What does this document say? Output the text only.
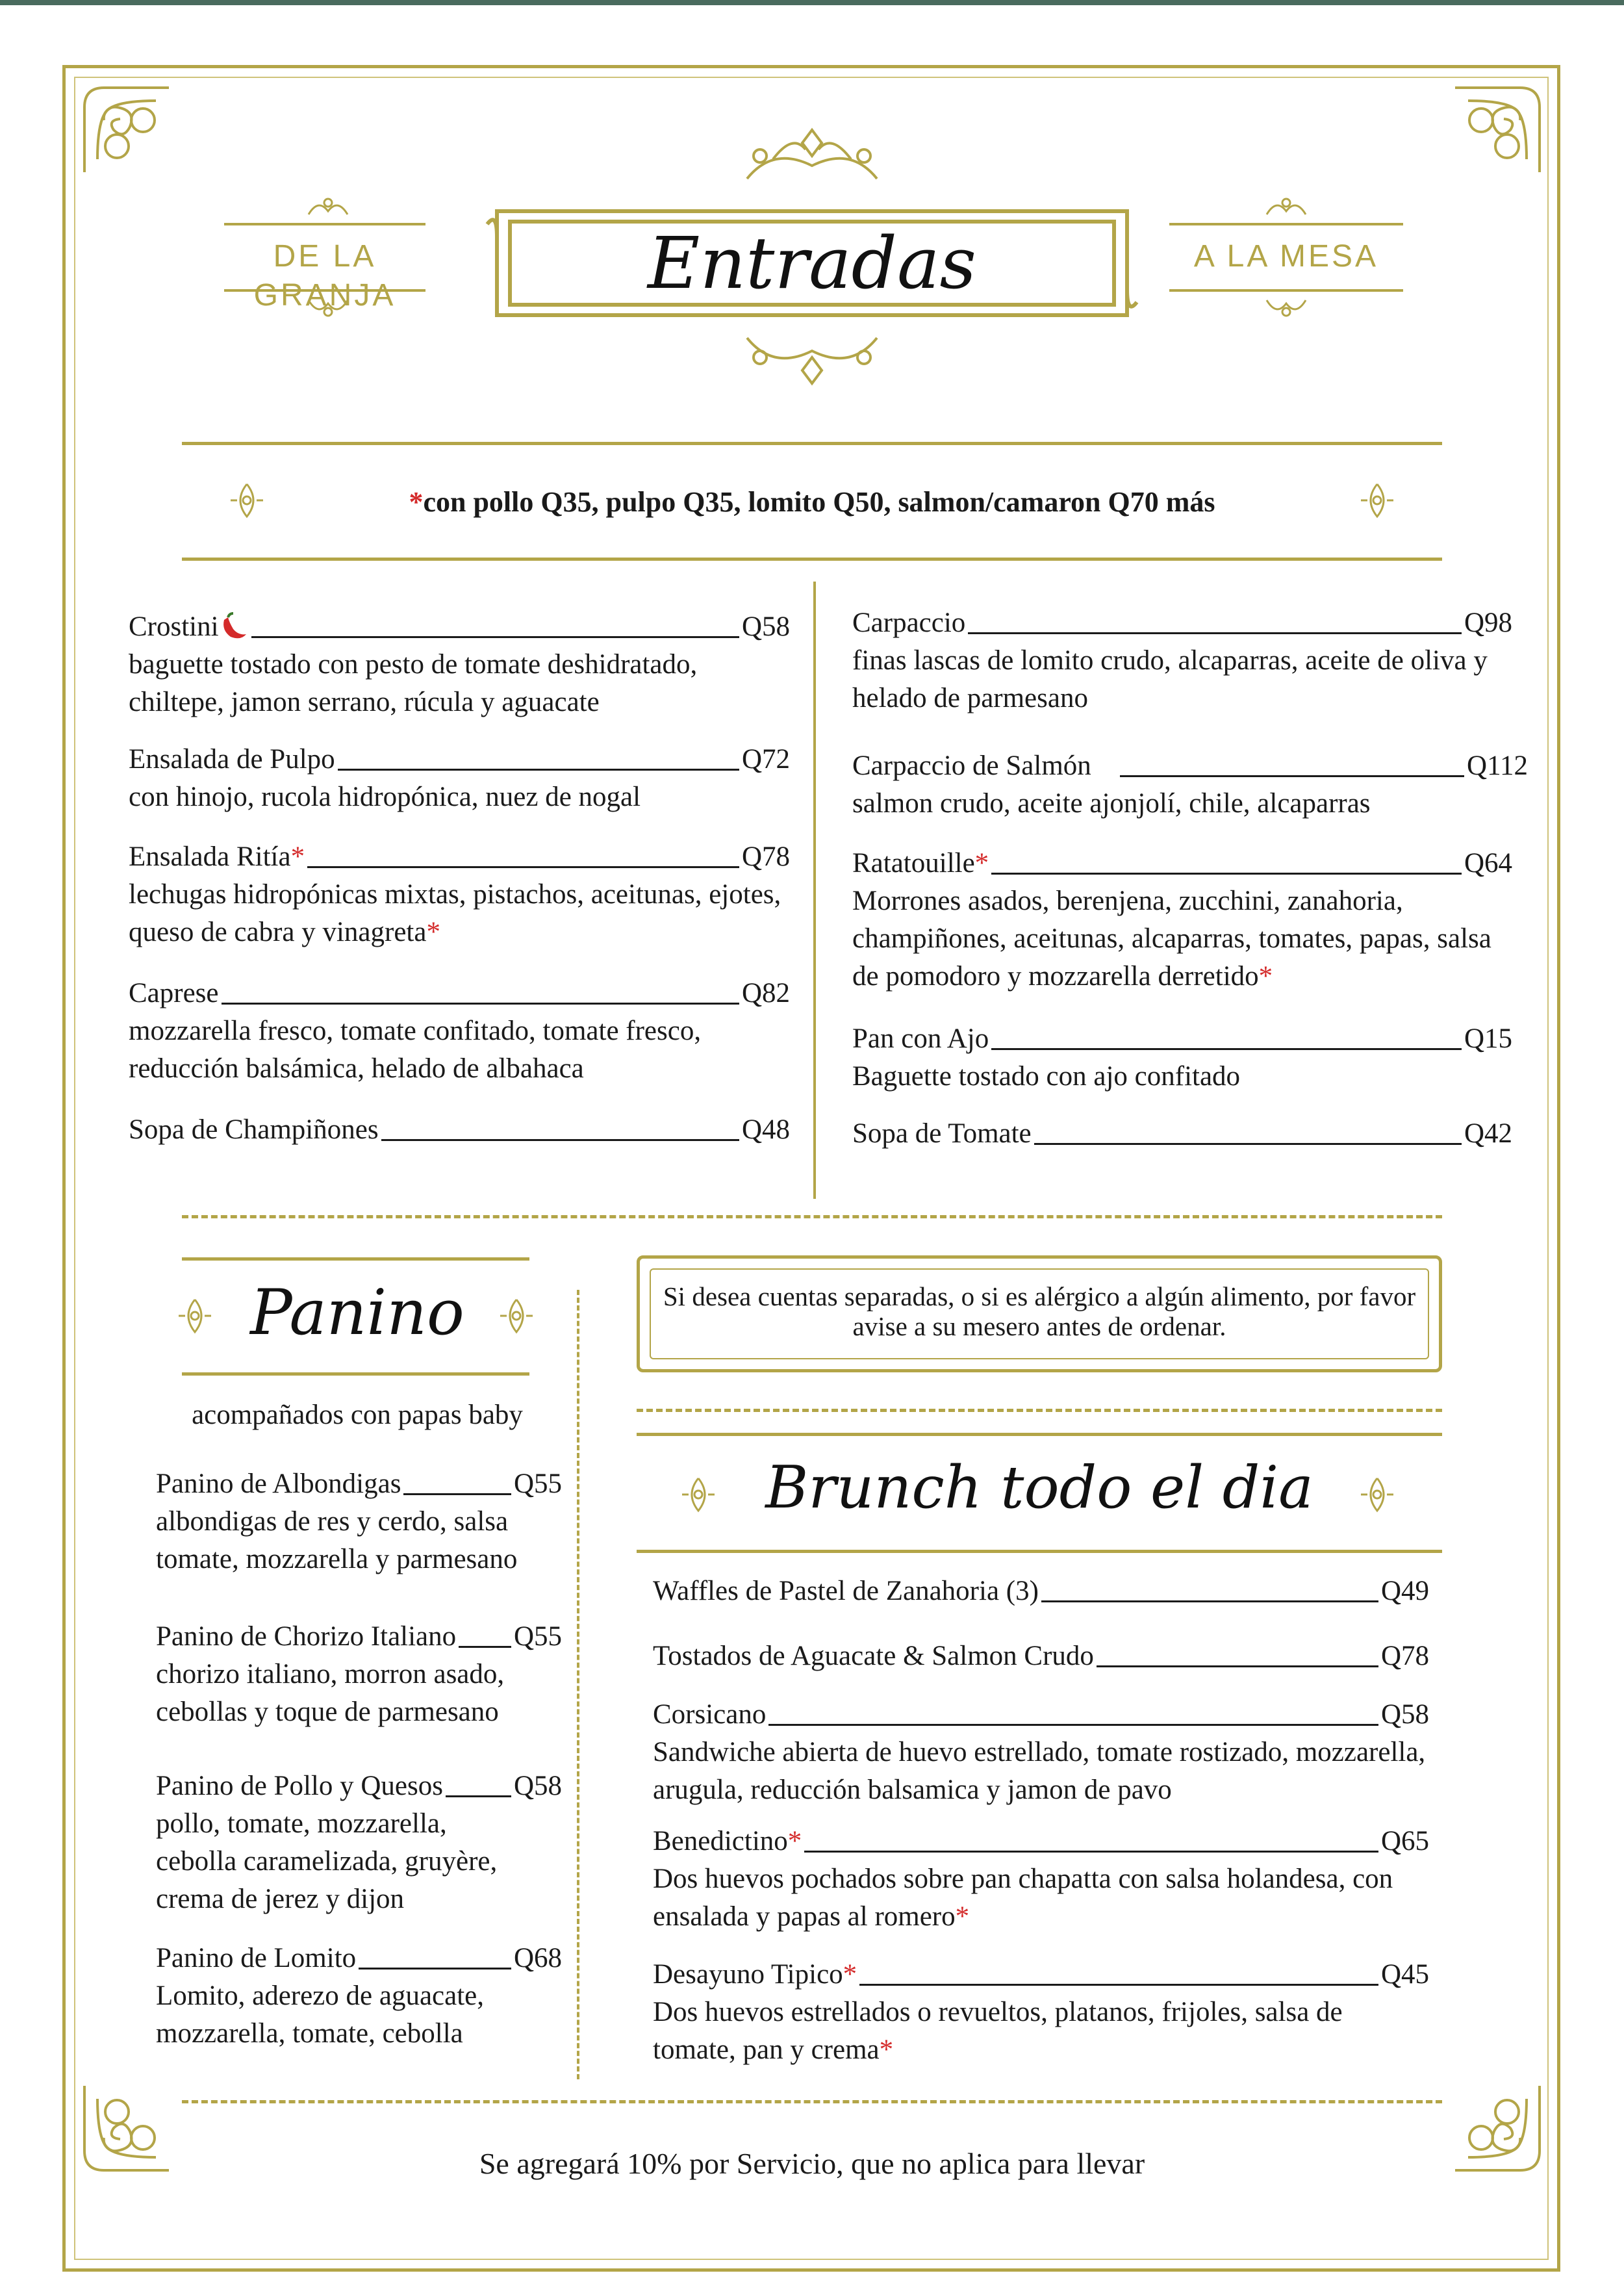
Entradas
DE LA GRANJA
A LA MESA
*con pollo Q35, pulpo Q35, lomito Q50, salmon/camaron Q70 más
Crostini	Q58
baguette tostado con pesto de tomate deshidratado, chiltepe, jamon serrano, rúcula y aguacate
Ensalada de Pulpo	Q72
con hinojo, rucola hidropónica, nuez de nogal
Ensalada Ritía *	Q78
lechugas hidropónicas mixtas, pistachos, aceitunas, ejotes, queso de cabra y vinagreta*
Caprese	Q82
mozzarella fresco, tomate confitado, tomate fresco, reducción balsámica, helado de albahaca
Sopa de Champiñones	Q48
Carpaccio	Q98
finas lascas de lomito crudo, alcaparras, aceite de oliva y helado de parmesano
Carpaccio de Salmón	Q112
salmon crudo, aceite ajonjolí, chile, alcaparras
Ratatouille *	Q64
Morrones asados, berenjena, zucchini, zanahoria, champiñones, aceitunas, alcaparras, tomates, papas, salsa de pomodoro y mozzarella derretido*
Pan con Ajo	Q15
Baguette tostado con ajo confitado
Sopa de Tomate	Q42
Panino
acompañados con papas baby
Panino de Albondigas	Q55
albondigas de res y cerdo, salsa tomate, mozzarella y parmesano
Panino de Chorizo Italiano Q55
chorizo italiano, morron asado, cebollas y toque de parmesano
Panino de Pollo y Quesos	Q58
pollo, tomate, mozzarella, cebolla caramelizada, gruyère, crema de jerez y dijon
Panino de Lomito	Q68
Lomito, aderezo de aguacate, mozzarella, tomate, cebolla
Si desea cuentas separadas, o si es alérgico a algún alimento, por favor avise a su mesero antes de ordenar.
Brunch todo el dia
Waffles de Pastel de Zanahoria (3)	Q49
Tostados de Aguacate & Salmon Crudo	Q78
Corsicano	Q58
Sandwiche abierta de huevo estrellado, tomate rostizado, mozzarella, arugula, reducción balsamica y jamon de pavo
Benedictino *	Q65
Dos huevos pochados sobre pan chapatta con salsa holandesa, con ensalada y papas al romero*
Desayuno Tipico *	Q45
Dos huevos estrellados o revueltos, platanos, frijoles, salsa de tomate, pan y crema*
Se agregará 10% por Servicio, que no aplica para llevar
